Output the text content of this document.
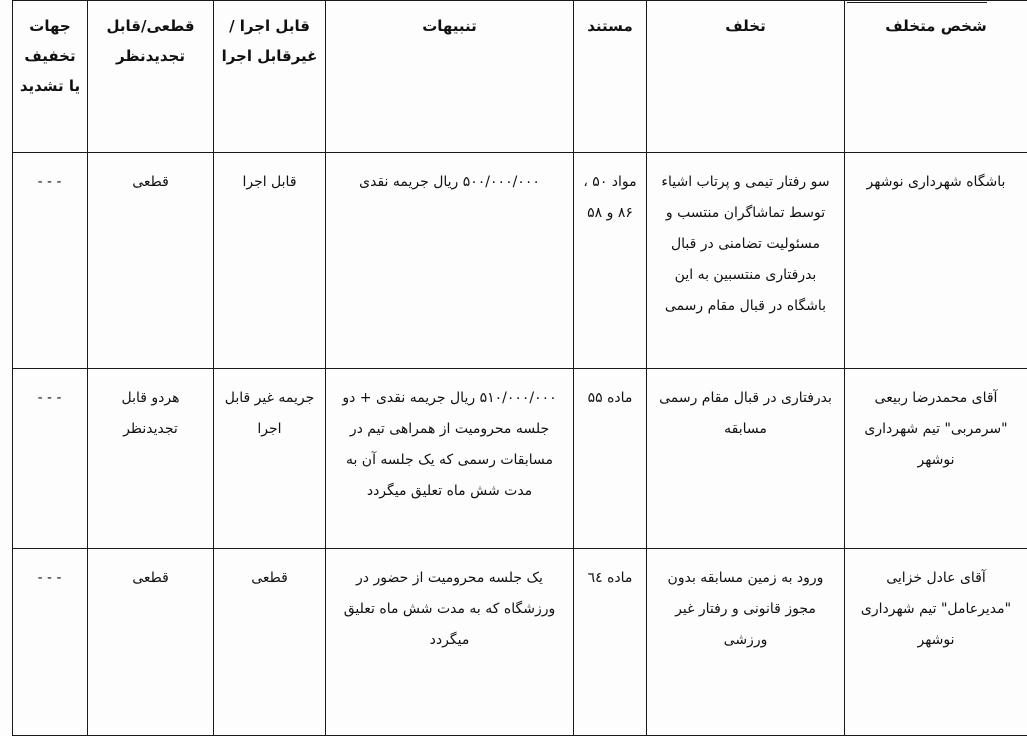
شخص متخلف	تخلف	مستند	تنبیهات	قابل اجرا /غیرقابل اجرا	قطعی/قابل تجدیدنظر	جهات تخفیف یا تشدید
باشگاه شهرداری نوشهر	سو رفتار تیمی و پرتاب اشیاء توسط تماشاگران منتسب و مسئولیت تضامنی در قبال بدرفتاری منتسبین به این باشگاه در قبال مقام رسمی	مواد ۵۰ ، ۸۶ و ۵۸	۵۰۰/۰۰۰/۰۰۰ ریال جریمه نقدی	قابل اجرا	قطعی	---
آقای محمدرضا ربیعی "سرمربی" تیم شهرداری نوشهر	بدرفتاری در قبال مقام رسمی مسابقه	ماده ۵۵	۵۱۰/۰۰۰/۰۰۰ ریال جریمه نقدی + دو جلسه محرومیت از همراهی تیم در مسابقات رسمی که یک جلسه آن به مدت شش ماه تعلیق میگردد	جریمه غیر قابل اجرا	هردو قابل تجدیدنظر	---
آقای عادل خزایی "مدیرعامل" تیم شهرداری نوشهر	ورود به زمین مسابقه بدون مجوز قانونی و رفتار غیر ورزشی	ماده ٦٤	یک جلسه محرومیت از حضور در ورزشگاه که به مدت شش ماه تعلیق میگردد	قطعی	قطعی	---
